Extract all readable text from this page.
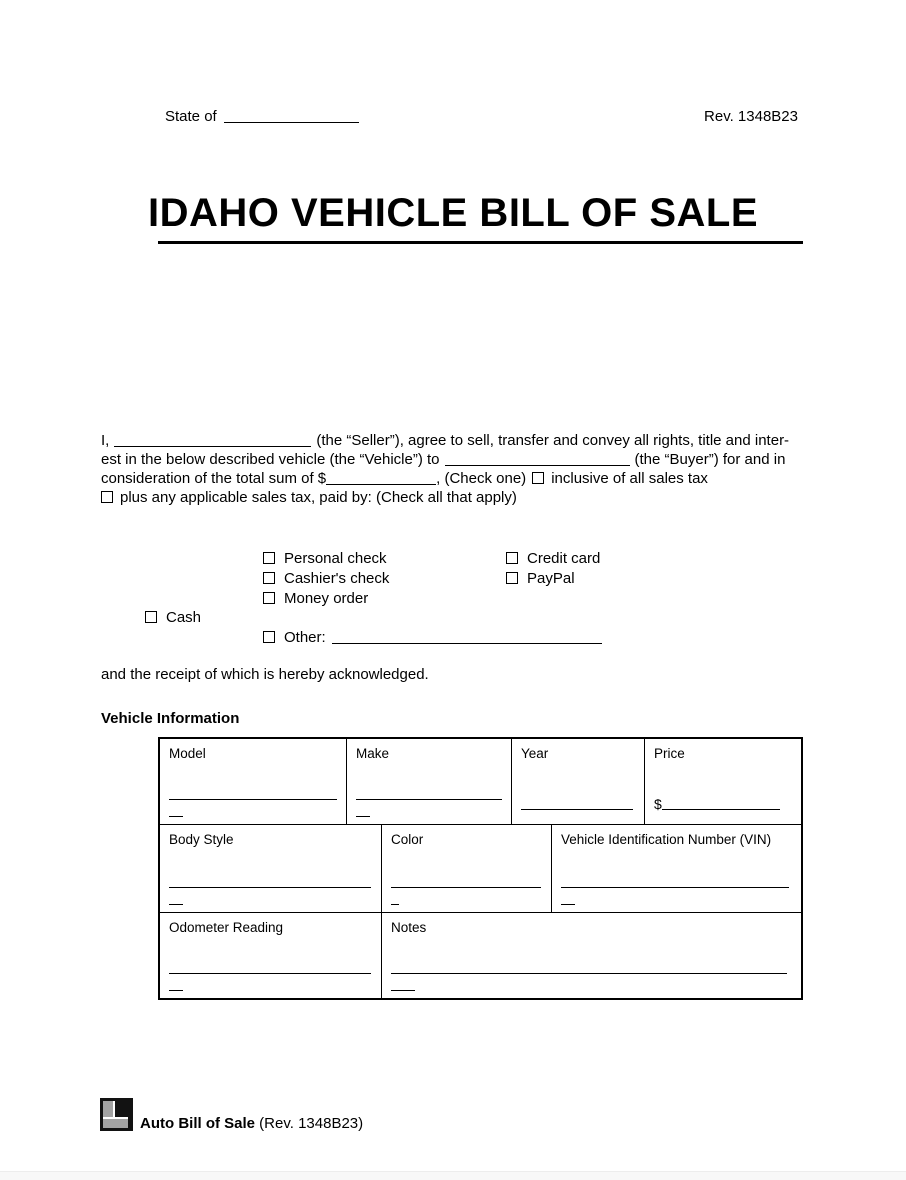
State of	Rev. 1348B23
IDAHO VEHICLE BILL OF SALE
I,	(the “Seller”), agree to sell, transfer and convey all rights, title and inter-
est in the below described vehicle (the “Vehicle”) to	(the “Buyer”) for and in
consideration of the total sum of $	, (Check one) inclusive of all sales tax
plus any applicable sales tax, paid by: (Check all that apply)
Personal check
Cashier's check
Money order
Credit card
PayPal
Cash
Other:
and the receipt of which is hereby acknowledged.
Vehicle Information
Model	Make	Year	Price
$
Body Style	Color	Vehicle Identification Number (VIN)
Odometer Reading	Notes
Auto Bill of Sale (Rev. 1348B23)
